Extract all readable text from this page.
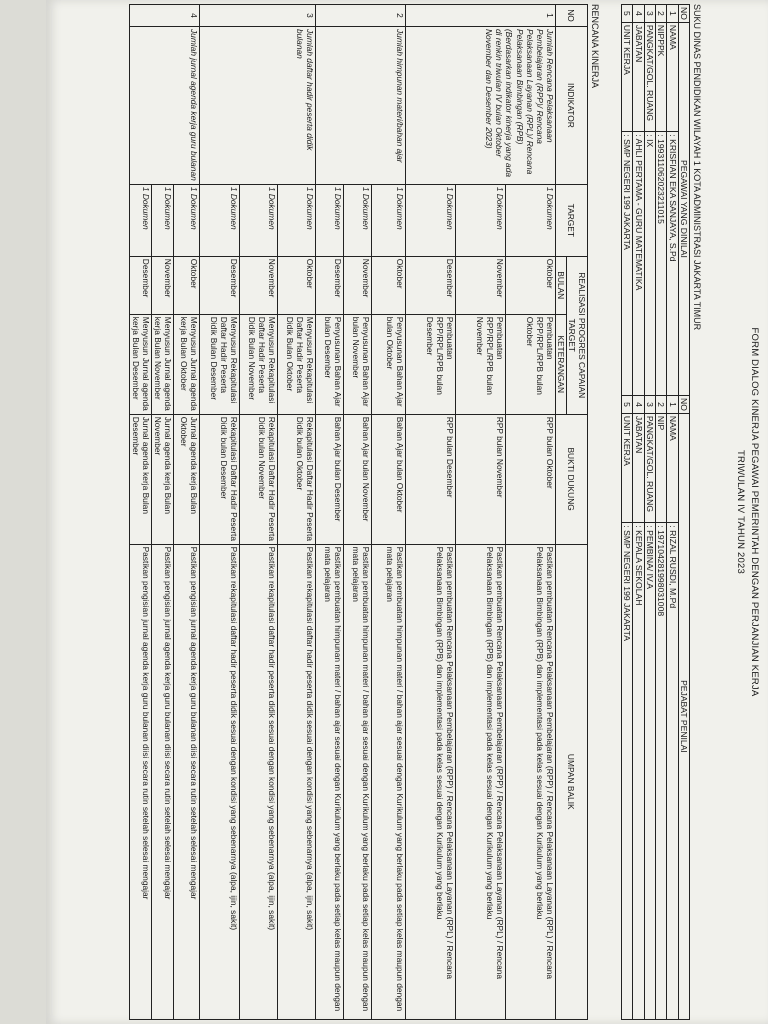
FORM DIALOG KINERJA PEGAWAI PEMERINTAH DENGAN PERJANJIAN KERJA
TRIWULAN IV TAHUN 2023
SUKU DINAS PENDIDIKAN WILAYAH 1 KOTA ADMINISTRASI JAKARTA TIMUR
NO	PEGAWAI YANG DINILAI		NO	PEJABAT PENILAI	
1	NAMA	: KRISFIAN EKA SANJAYA, S.Pd	1	NAMA	: RIZAL RUSDI, M.Pd
2	NIPPPK	: 199311062023211015	2	NIP	: 197104281998031008
3	PANGKAT/GOL. RUANG	: IX	3	PANGKAT/GOL. RUANG	: PEMBINA/ IV.A
4	JABATAN	: AHLI PERTAMA - GURU MATEMATIKA	4	JABATAN	: KEPALA SEKOLAH
5	UNIT KERJA	: SMP NEGERI 199 JAKARTA	5	UNIT KERJA	: SMP NEGERI 199 JAKARTA
RENCANA KINERJA
NO	INDIKATOR	TARGET	REALISASI PROGRES CAPAIAN TARGET		BUKTI DUKUNG	UMPAN BALIK
			BULAN	KETERANGAN		
1	Jumlah Rencana Pelaksanaan Pembelajaran (RPP)/ Rencana Pelaksanaan Layanan (RPL)/ Rencana Pelaksanaan Bimbingan (RPB) (Berdasarkan indikator kinerja yang ada di renkin triwulan IV bulan Oktober November dan Desember 2023)	1 Dokumen	Oktober	Pembuatan RPP/RPL/RPB bulan Oktober	RPP bulan Oktober	Pastikan pembuatan Rencana Pelaksanaan Pembelajaran (RPP) / Rencana Pelaksanaan Layanan (RPL) / Rencana Pelaksanaan Bimbingan (RPB) dan implementasi pada kelas sesuai dengan Kurikulum yang berlaku
		1 Dokumen	November	Pembuatan RPP/RPL/RPB bulan November	RPP bulan November	Pastikan pembuatan Rencana Pelaksanaan Pembelajaran (RPP) / Rencana Pelaksanaan Layanan (RPL) / Rencana Pelaksanaan Bimbingan (RPB) dan implementasi pada kelas sesuai dengan Kurikulum yang berlaku
		1 Dokumen	Desember	Pembuatan RPP/RPL/RPB bulan Desember	RPP bulan Desember	Pastikan pembuatan Rencana Pelaksanaan Pembelajaran (RPP) / Rencana Pelaksanaan Layanan (RPL) / Rencana Pelaksanaan Bimbingan (RPB) dan implementasi pada kelas sesuai dengan Kurikulum yang berlaku
2	Jumlah himpunan materi/bahan ajar	1 Dokumen	Oktober	Penyusunan Bahan Ajar bulan Oktober	Bahan Ajar bulan Oktober	Pastikan pembuatan himpunan materi / bahan ajar sesuai dengan Kurikulum yang berlaku pada setiap kelas maupun dengan mata pelajaran
		1 Dokumen	November	Penyusunan Bahan Ajar bulan November	Bahan Ajar bulan November	Pastikan pembuatan himpunan materi / bahan ajar sesuai dengan Kurikulum yang berlaku pada setiap kelas maupun dengan mata pelajaran
		1 Dokumen	Desember	Penyusunan Bahan Ajar bulan Desember	Bahan Ajar bulan Desember	Pastikan pembuatan himpunan materi / bahan ajar sesuai dengan Kurikulum yang berlaku pada setiap kelas maupun dengan mata pelajaran
3	Jumlah daftar hadir peserta didik bulanan	1 Dokumen	Oktober	Menyusun Rekapitulasi Daftar Hadir Peserta Didik Bulan Oktober	Rekapitulasi Daftar Hadir Peserta Didik bulan Oktober	Pastikan rekapitulasi daftar hadir peserta didik sesuai dengan kondisi yang sebenarnya (alpa, ijin, sakit)
		1 Dokumen	November	Menyusun Rekapitulasi Daftar Hadir Peserta Didik Bulan November	Rekapitulasi Daftar Hadir Peserta Didik bulan November	Pastikan rekapitulasi daftar hadir peserta didik sesuai dengan kondisi yang sebenarnya (alpa, ijin, sakit)
		1 Dokumen	Desember	Menyusun Rekapitulasi Daftar Hadir Peserta Didik Bulan Desember	Rekapitulasi Daftar Hadir Peserta Didik bulan Desember	Pastikan rekapitulasi daftar hadir peserta didik sesuai dengan kondisi yang sebenarnya (alpa, ijin, sakit)
4	Jumlah jurnal agenda kerja guru bulanan	1 Dokumen	Oktober	Menyusun Jurnal agenda kerja Bulan Oktober	Jurnal agenda kerja Bulan Oktober	Pastikan pengisian jurnal agenda kerja guru bulanan diisi secara rutin setelah selesai mengajar
		1 Dokumen	November	Menyusun Jurnal agenda kerja Bulan November	Jurnal agenda kerja Bulan November	Pastikan pengisian jurnal agenda kerja guru bulanan diisi secara rutin setelah selesai mengajar
		1 Dokumen	Desember	Menyusun Jurnal agenda kerja Bulan Desember	Jurnal agenda kerja Bulan Desember	Pastikan pengisian jurnal agenda kerja guru bulanan diisi secara rutin setelah selesai mengajar
